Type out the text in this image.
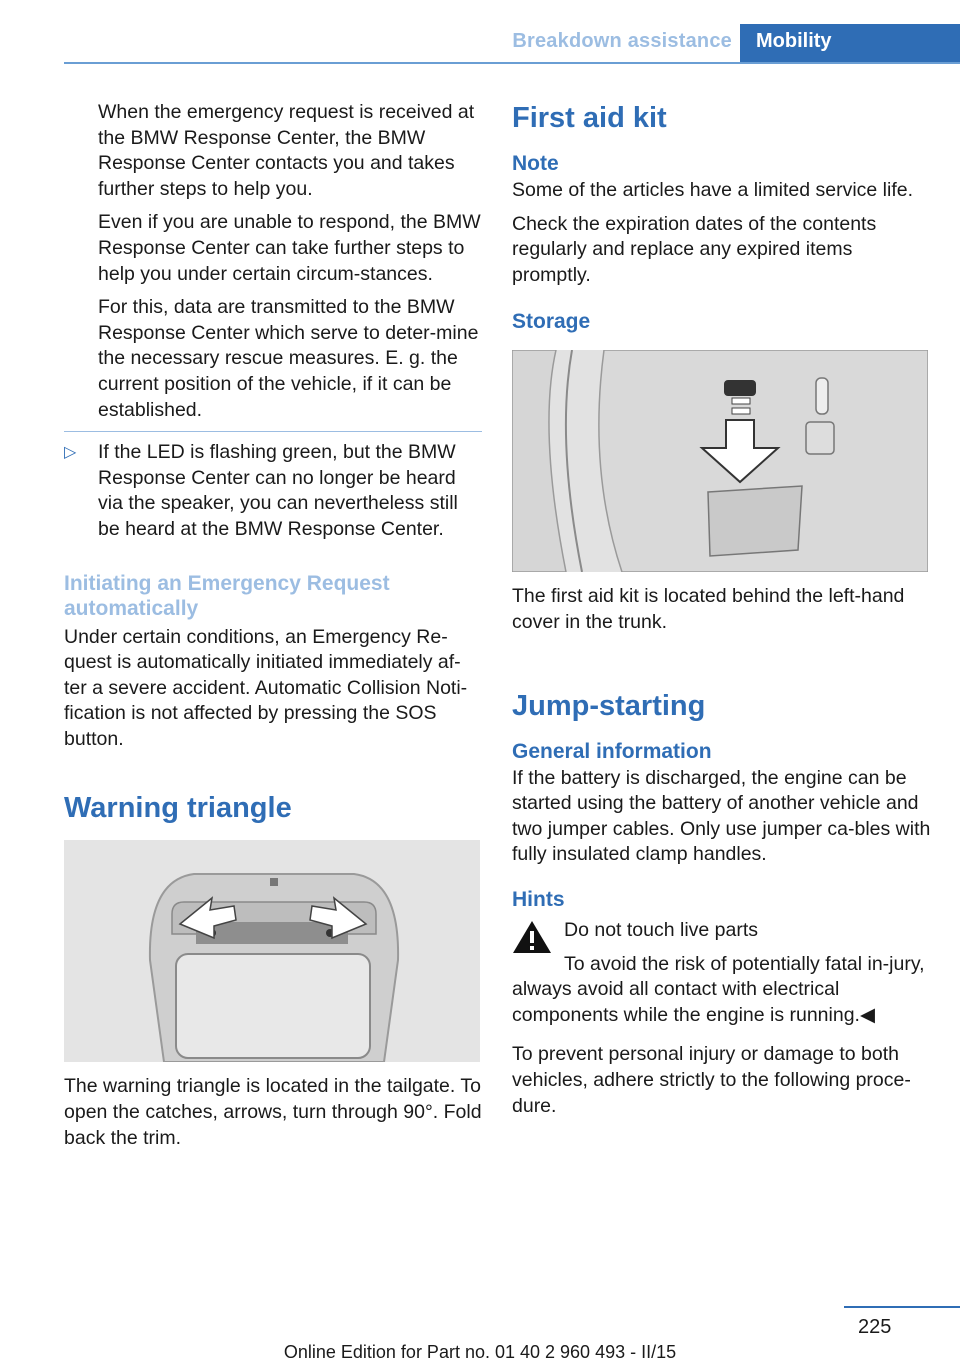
Breakdown assistance	Mobility

When the emergency request is received at the BMW Response Center, the BMW Response Center contacts you and takes further steps to help you.

Even if you are unable to respond, the BMW Response Center can take further steps to help you under certain circum-stances.

For this, data are transmitted to the BMW Response Center which serve to deter-mine the necessary rescue measures. E. g. the current position of the vehicle, if it can be established.

▷ If the LED is flashing green, but the BMW Response Center can no longer be heard via the speaker, you can nevertheless still be heard at the BMW Response Center.

Initiating an Emergency Request automatically

Under certain conditions, an Emergency Re-quest is automatically initiated immediately af-ter a severe accident. Automatic Collision Noti-fication is not affected by pressing the SOS button.

Warning triangle

The warning triangle is located in the tailgate. To open the catches, arrows, turn through 90°. Fold back the trim.

First aid kit
Note

Some of the articles have a limited service life.

Check the expiration dates of the contents regularly and replace any expired items promptly.

Storage

The first aid kit is located behind the left-hand cover in the trunk.

Jump-starting
General information

If the battery is discharged, the engine can be started using the battery of another vehicle and two jumper cables. Only use jumper ca-bles with fully insulated clamp handles.

Hints

Do not touch live parts

To avoid the risk of potentially fatal in-jury, always avoid all contact with electrical components while the engine is running.◀

To prevent personal injury or damage to both vehicles, adhere strictly to the following proce-dure.

225
Online Edition for Part no. 01 40 2 960 493 - II/15
